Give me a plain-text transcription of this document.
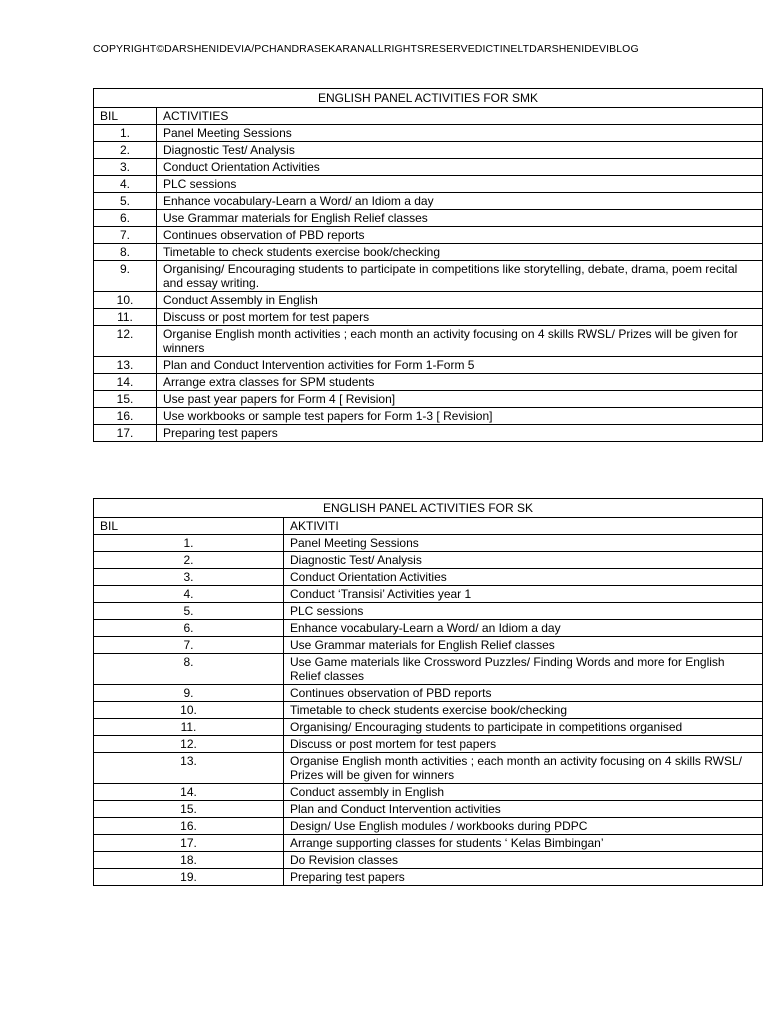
COPYRIGHT©DARSHENIDEVIA/PCHANDRASEKARANALLRIGHTSRESERVEDICTINELTDARSHENIDEVIBLOG
ENGLISH PANEL ACTIVITIES FOR SMK	
BIL	ACTIVITIES
1.	Panel Meeting Sessions
2.	Diagnostic Test/ Analysis
3.	Conduct Orientation Activities
4.	PLC sessions
5.	Enhance vocabulary-Learn a Word/ an Idiom a day
6.	Use Grammar materials for English Relief classes
7.	Continues observation of PBD reports
8.	Timetable to check students exercise book/checking
9.	Organising/ Encouraging students to participate in competitions like storytelling, debate, drama, poem recital and essay writing.
10.	Conduct Assembly in English
11.	Discuss or post mortem for test papers
12.	Organise English month activities ; each month an activity focusing on 4 skills RWSL/ Prizes will be given for winners
13.	Plan and Conduct Intervention activities for Form 1-Form 5
14.	Arrange extra classes for SPM students
15.	Use past year papers for Form 4 [ Revision]
16.	Use workbooks or sample test papers for Form 1-3 [ Revision]
17.	Preparing test papers
ENGLISH PANEL ACTIVITIES FOR SK	
BIL	AKTIVITI
1.	Panel Meeting Sessions
2.	Diagnostic Test/ Analysis
3.	Conduct Orientation Activities
4.	Conduct ‘Transisi’ Activities year 1
5.	PLC sessions
6.	Enhance vocabulary-Learn a Word/ an Idiom a day
7.	Use Grammar materials for English Relief classes
8.	Use Game materials like Crossword Puzzles/ Finding Words and more for English Relief classes
9.	Continues observation of PBD reports
10.	Timetable to check students exercise book/checking
11.	Organising/ Encouraging students to participate in competitions organised
12.	Discuss or post mortem for test papers
13.	Organise English month activities ; each month an activity focusing on 4 skills RWSL/ Prizes will be given for winners
14.	Conduct assembly in English
15.	Plan and Conduct Intervention activities
16.	Design/ Use English modules / workbooks during PDPC
17.	Arrange supporting classes for students ‘ Kelas Bimbingan’
18.	Do Revision classes
19.	Preparing test papers
